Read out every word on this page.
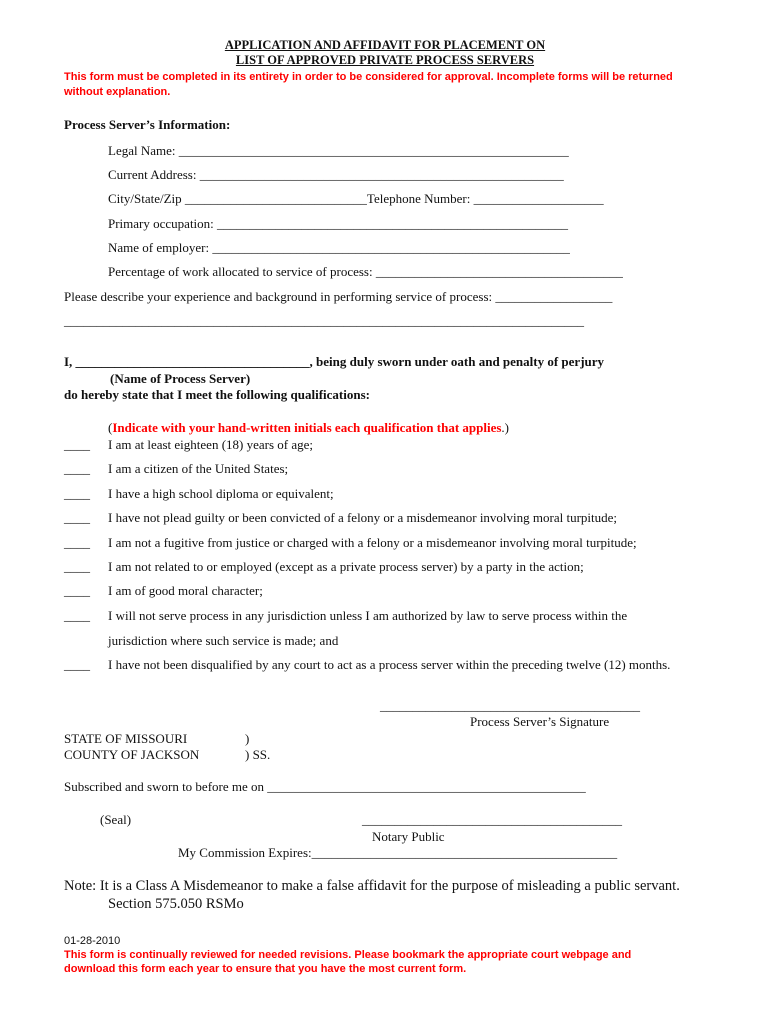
APPLICATION AND AFFIDAVIT FOR PLACEMENT ON
LIST OF APPROVED PRIVATE PROCESS SERVERS
This form must be completed in its entirety in order to be considered for approval. Incomplete forms will be returned
without explanation.
Process Server’s Information:
Legal Name: ____________________________________________________________
Current Address: ________________________________________________________
City/State/Zip ____________________________Telephone Number: ____________________
Primary occupation: ______________________________________________________
Name of employer: _______________________________________________________
Percentage of work allocated to service of process: ______________________________________
Please describe your experience and background in performing service of process: __________________
________________________________________________________________________________
I, ____________________________________, being duly sworn under oath and penalty of perjury
(Name of Process Server)
do hereby state that I meet the following qualifications:
(Indicate with your hand-written initials each qualification that applies.)
____ I am at least eighteen (18) years of age;
____ I am a citizen of the United States;
____ I have a high school diploma or equivalent;
____ I have not plead guilty or been convicted of a felony or a misdemeanor involving moral turpitude;
____ I am not a fugitive from justice or charged with a felony or a misdemeanor involving moral turpitude;
____ I am not related to or employed (except as a private process server) by a party in the action;
____ I am of good moral character;
____ I will not serve process in any jurisdiction unless I am authorized by law to serve process within the
jurisdiction where such service is made; and
____ I have not been disqualified by any court to act as a process server within the preceding twelve (12) months.
________________________________________
Process Server’s Signature
STATE OF MISSOURI	)
COUNTY OF JACKSON	) SS.
Subscribed and sworn to before me on _________________________________________________
(Seal)	________________________________________
Notary Public
My Commission Expires:_______________________________________________
Note: It is a Class A Misdemeanor to make a false affidavit for the purpose of misleading a public servant.
Section 575.050 RSMo
01-28-2010
This form is continually reviewed for needed revisions. Please bookmark the appropriate court webpage and
download this form each year to ensure that you have the most current form.
